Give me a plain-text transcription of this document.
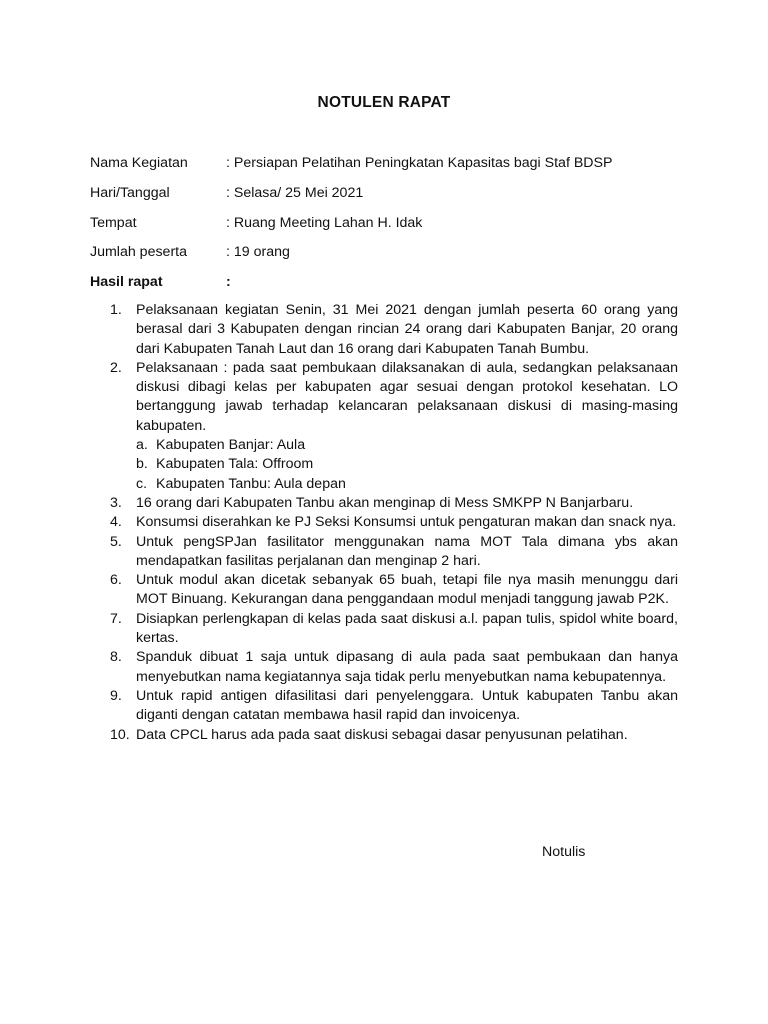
NOTULEN RAPAT
Nama Kegiatan	: Persiapan Pelatihan Peningkatan Kapasitas bagi Staf BDSP
Hari/Tanggal	: Selasa/ 25 Mei 2021
Tempat	: Ruang Meeting Lahan H. Idak
Jumlah peserta	: 19 orang
Hasil rapat	:
1. Pelaksanaan kegiatan Senin, 31 Mei 2021 dengan jumlah peserta 60 orang yang berasal dari 3 Kabupaten dengan rincian 24 orang dari Kabupaten Banjar, 20 orang dari Kabupaten Tanah Laut dan 16 orang dari Kabupaten Tanah Bumbu.
2. Pelaksanaan : pada saat pembukaan dilaksanakan di aula, sedangkan pelaksanaan diskusi dibagi kelas per kabupaten agar sesuai dengan protokol kesehatan. LO bertanggung jawab terhadap kelancaran pelaksanaan diskusi di masing-masing kabupaten.
a. Kabupaten Banjar: Aula
b. Kabupaten Tala: Offroom
c. Kabupaten Tanbu: Aula depan
3. 16 orang dari Kabupaten Tanbu akan menginap di Mess SMKPP N Banjarbaru.
4. Konsumsi diserahkan ke PJ Seksi Konsumsi untuk pengaturan makan dan snack nya.
5. Untuk pengSPJan fasilitator menggunakan nama MOT Tala dimana ybs akan mendapatkan fasilitas perjalanan dan menginap 2 hari.
6. Untuk modul akan dicetak sebanyak 65 buah, tetapi file nya masih menunggu dari MOT Binuang. Kekurangan dana penggandaan modul menjadi tanggung jawab P2K.
7. Disiapkan perlengkapan di kelas pada saat diskusi a.l. papan tulis, spidol white board, kertas.
8. Spanduk dibuat 1 saja untuk dipasang di aula pada saat pembukaan dan hanya menyebutkan nama kegiatannya saja tidak perlu menyebutkan nama kebupatennya.
9. Untuk rapid antigen difasilitasi dari penyelenggara. Untuk kabupaten Tanbu akan diganti dengan catatan membawa hasil rapid dan invoicenya.
10. Data CPCL harus ada pada saat diskusi sebagai dasar penyusunan pelatihan.
Notulis
